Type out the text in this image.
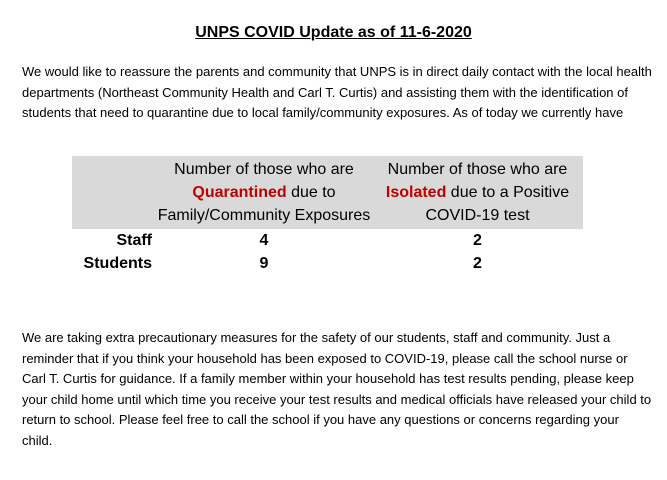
UNPS COVID Update as of 11-6-2020
We would like to reassure the parents and community that UNPS is in direct daily contact with the local health departments (Northeast Community Health and Carl T. Curtis) and assisting them with the identification of students that need to quarantine due to local family/community exposures. As of today we currently have
	Number of those who are Quarantined due to Family/Community Exposures	Number of those who are Isolated due to a Positive COVID-19 test
Staff	4	2
Students	9	2
We are taking extra precautionary measures for the safety of our students, staff and community. Just a reminder that if you think your household has been exposed to COVID-19, please call the school nurse or Carl T. Curtis for guidance. If a family member within your household has test results pending, please keep your child home until which time you receive your test results and medical officials have released your child to return to school. Please feel free to call the school if you have any questions or concerns regarding your child.
